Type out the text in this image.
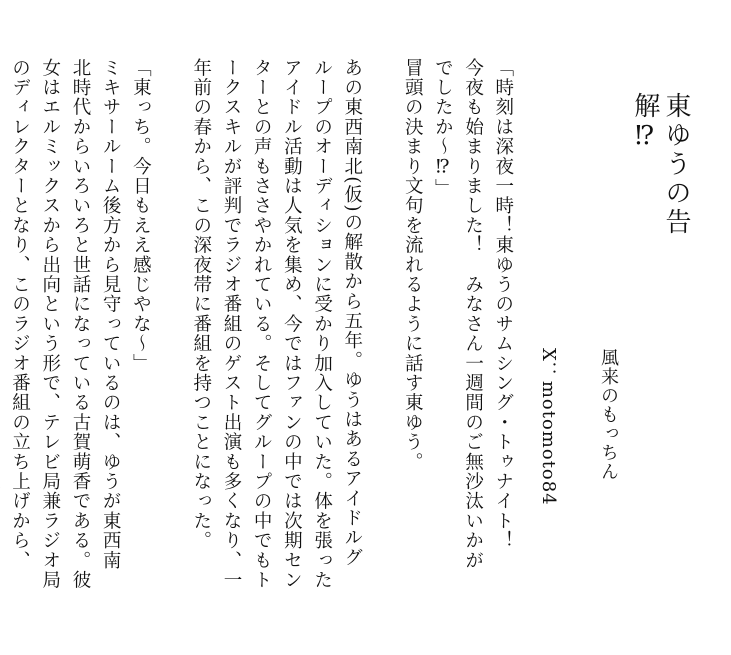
東ゆうの告解⁉

風来のもっちん

X：motomoto84

「時刻は深夜一時！東ゆうのサムシング・トゥナイト！
今夜も始まりました！　みなさん一週間のご無沙汰いかが
でしたか〜⁉」
冒頭の決まり文句を流れるように話す東ゆう。

あの東西南北(仮)の解散から五年。ゆうはあるアイドルグ
ループのオーディションに受かり加入していた。体を張った
アイドル活動は人気を集め、今ではファンの中では次期セン
ターとの声もささやかれている。そしてグループの中でもト
ークスキルが評判でラジオ番組のゲスト出演も多くなり、一
年前の春から、この深夜帯に番組を持つことになった。

「東っち。今日もええ感じやな〜」
ミキサールーム後方から見守っているのは、ゆうが東西南
北時代からいろいろと世話になっている古賀萌香である。彼
女はエルミックスから出向という形で、テレビ局兼ラジオ局
のディレクターとなり、このラジオ番組の立ち上げから、
